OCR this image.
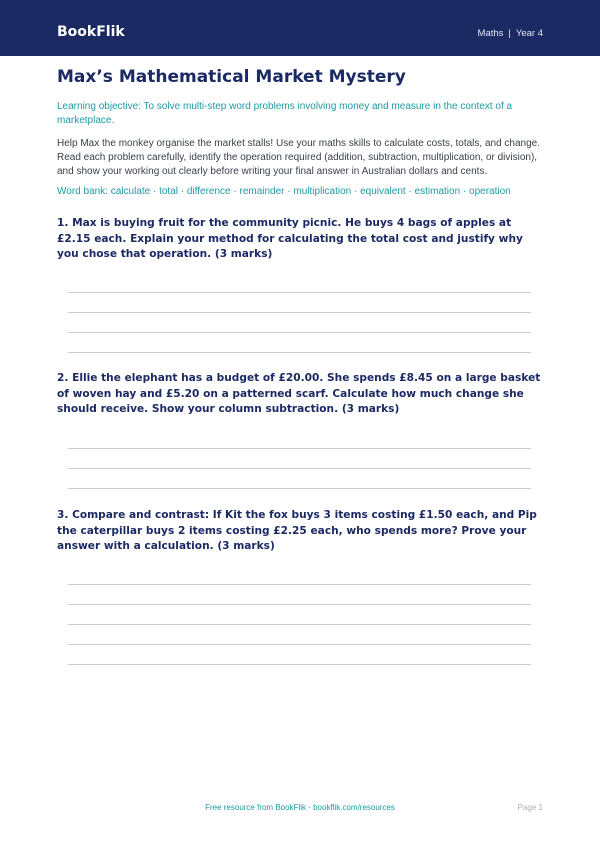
BookFlik	Maths | Year 4
Max’s Mathematical Market Mystery

Learning objective: To solve multi-step word problems involving money and measure in the context of a marketplace.

Help Max the monkey organise the market stalls! Use your maths skills to calculate costs, totals, and change. Read each problem carefully, identify the operation required (addition, subtraction, multiplication, or division), and show your working out clearly before writing your final answer in Australian dollars and cents.

Word bank: calculate · total · difference · remainder · multiplication · equivalent · estimation · operation

1. Max is buying fruit for the community picnic. He buys 4 bags of apples at £2.15 each. Explain your method for calculating the total cost and justify why you chose that operation. (3 marks)

2. Ellie the elephant has a budget of £20.00. She spends £8.45 on a large basket of woven hay and £5.20 on a patterned scarf. Calculate how much change she should receive. Show your column subtraction. (3 marks)

3. Compare and contrast: If Kit the fox buys 3 items costing £1.50 each, and Pip the caterpillar buys 2 items costing £2.25 each, who spends more? Prove your answer with a calculation. (3 marks)

Free resource from BookFlik · bookflik.com/resources	Page 1
